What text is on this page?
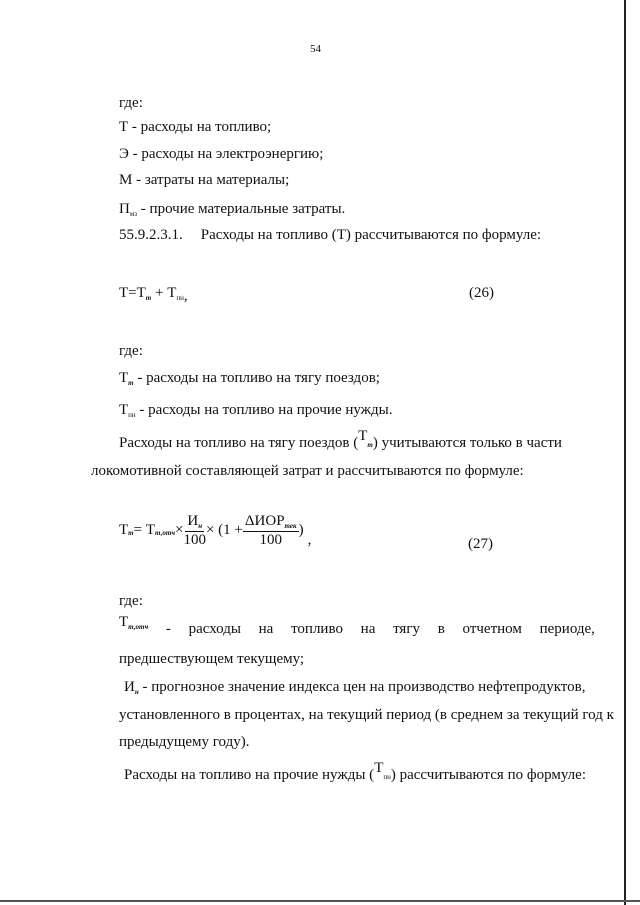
54
где:
Т - расходы на топливо;
Э - расходы на электроэнергию;
М - затраты на материалы;
$П_{мз}$ - прочие материальные затраты.
55.9.2.3.1. Расходы на топливо (Т) рассчитываются по формуле:
$Т=Т_т + Т_{пн}$,	(26)
где:
$Т_т$ - расходы на топливо на тягу поездов;
$Т_{пн}$ - расходы на топливо на прочие нужды.
Расходы на топливо на тягу поездов (Тт) учитываются только в части
локомотивной составляющей затрат и рассчитываются по формуле:
Т т = Т $т,отч \times \frac{И_н}{100} \times (1 + \frac{\Delta ИОР_{тек}}{100}$ )
,	(27)
где:
$Т_{т,отч}$ - расходы на топливо на тягу в отчетном периоде,
предшествующем текущему;
$И_н$ - прогнозное значение индекса цен на производство нефтепродуктов,
установленного в процентах, на текущий период (в среднем за текущий год к
предыдущему году).
Расходы на топливо на прочие нужды (Тпн) рассчитываются по формуле:
